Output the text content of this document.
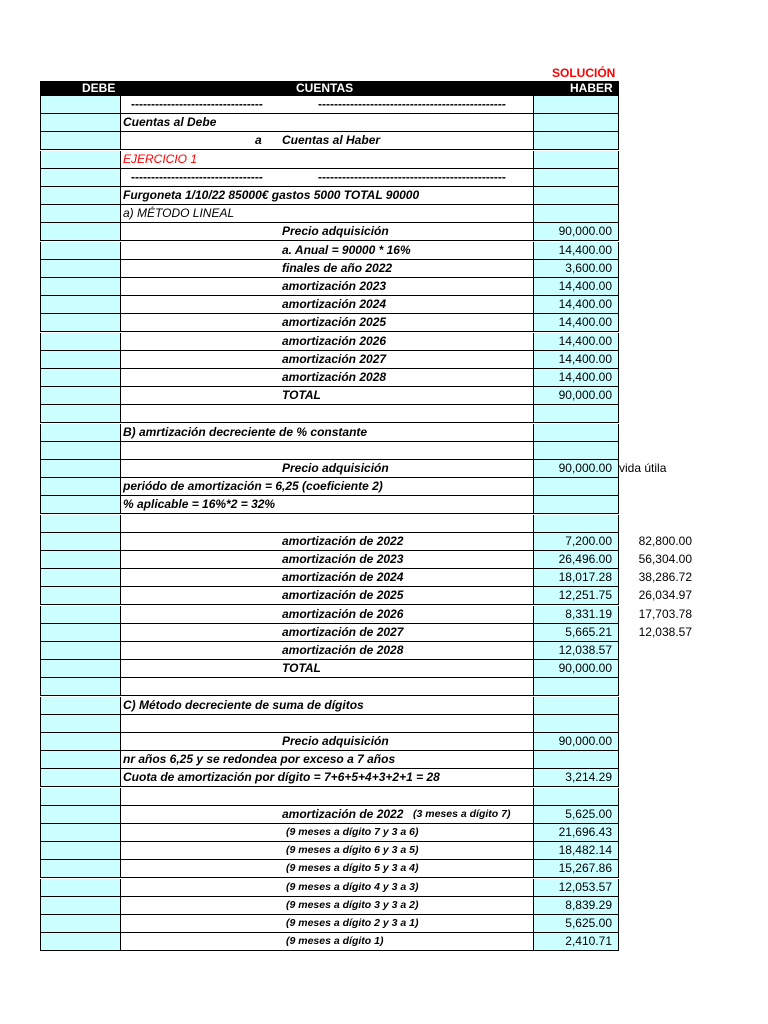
SOLUCIÓN
DEBE	CUENTAS	HABER
---------------------------------	-----------------------------------------------
Cuentas al Debe
a Cuentas al Haber
EJERCICIO 1
---------------------------------	-----------------------------------------------
Furgoneta 1/10/22 85000€ gastos 5000 TOTAL 90000
a) MÉTODO LINEAL
Precio adquisición	90,000.00
a. Anual = 90000 * 16%	14,400.00
finales de año 2022	3,600.00
amortización 2023	14,400.00
amortización 2024	14,400.00
amortización 2025	14,400.00
amortización 2026	14,400.00
amortización 2027	14,400.00
amortización 2028	14,400.00
TOTAL	90,000.00
B) amrtización decreciente de % constante
Precio adquisición	90,000.00 vida útila
periódo de amortización = 6,25 (coeficiente 2)
% aplicable = 16%*2 = 32%
amortización de 2022	7,200.00	82,800.00
amortización de 2023	26,496.00	56,304.00
amortización de 2024	18,017.28	38,286.72
amortización de 2025	12,251.75	26,034.97
amortización de 2026	8,331.19	17,703.78
amortización de 2027	5,665.21	12,038.57
amortización de 2028	12,038.57
TOTAL	90,000.00
C) Método decreciente de suma de dígitos
Precio adquisición	90,000.00
nr años 6,25 y se redondea por exceso a 7 años
Cuota de amortización por dígito = 7+6+5+4+3+2+1 = 28	3,214.29
amortización de 2022 (3 meses a dígito 7)	5,625.00
(9 meses a dígito 7 y 3 a 6)	21,696.43
(9 meses a dígito 6 y 3 a 5)	18,482.14
(9 meses a dígito 5 y 3 a 4)	15,267.86
(9 meses a dígito 4 y 3 a 3)	12,053.57
(9 meses a dígito 3 y 3 a 2)	8,839.29
(9 meses a dígito 2 y 3 a 1)	5,625.00
(9 meses a dígito 1)	2,410.71
